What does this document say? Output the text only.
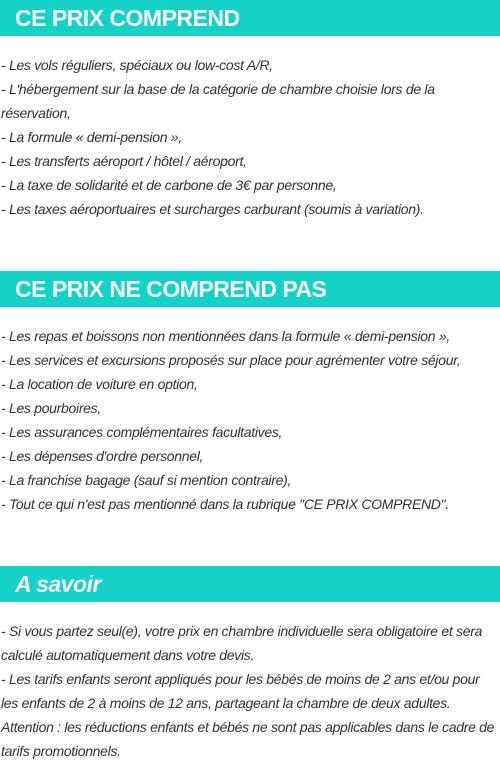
CE PRIX COMPREND
- Les vols réguliers, spéciaux ou low-cost A/R,
- L'hébergement sur la base de la catégorie de chambre choisie lors de la réservation,
- La formule « demi-pension »,
- Les transferts aéroport / hôtel / aéroport,
- La taxe de solidarité et de carbone de 3€ par personne,
- Les taxes aéroportuaires et surcharges carburant (soumis à variation).
CE PRIX NE COMPREND PAS
- Les repas et boissons non mentionnées dans la formule « demi-pension »,
- Les services et excursions proposés sur place pour agrémenter votre séjour,
- La location de voiture en option,
- Les pourboires,
- Les assurances complémentaires facultatives,
- Les dépenses d'ordre personnel,
- La franchise bagage (sauf si mention contraire),
- Tout ce qui n'est pas mentionné dans la rubrique "CE PRIX COMPREND".
A savoir
- Si vous partez seul(e), votre prix en chambre individuelle sera obligatoire et sera calculé automatiquement dans votre devis.
- Les tarifs enfants seront appliqués pour les bébés de moins de 2 ans et/ou pour les enfants de 2 à moins de 12 ans, partageant la chambre de deux adultes.
Attention : les réductions enfants et bébés ne sont pas applicables dans le cadre de tarifs promotionnels.
